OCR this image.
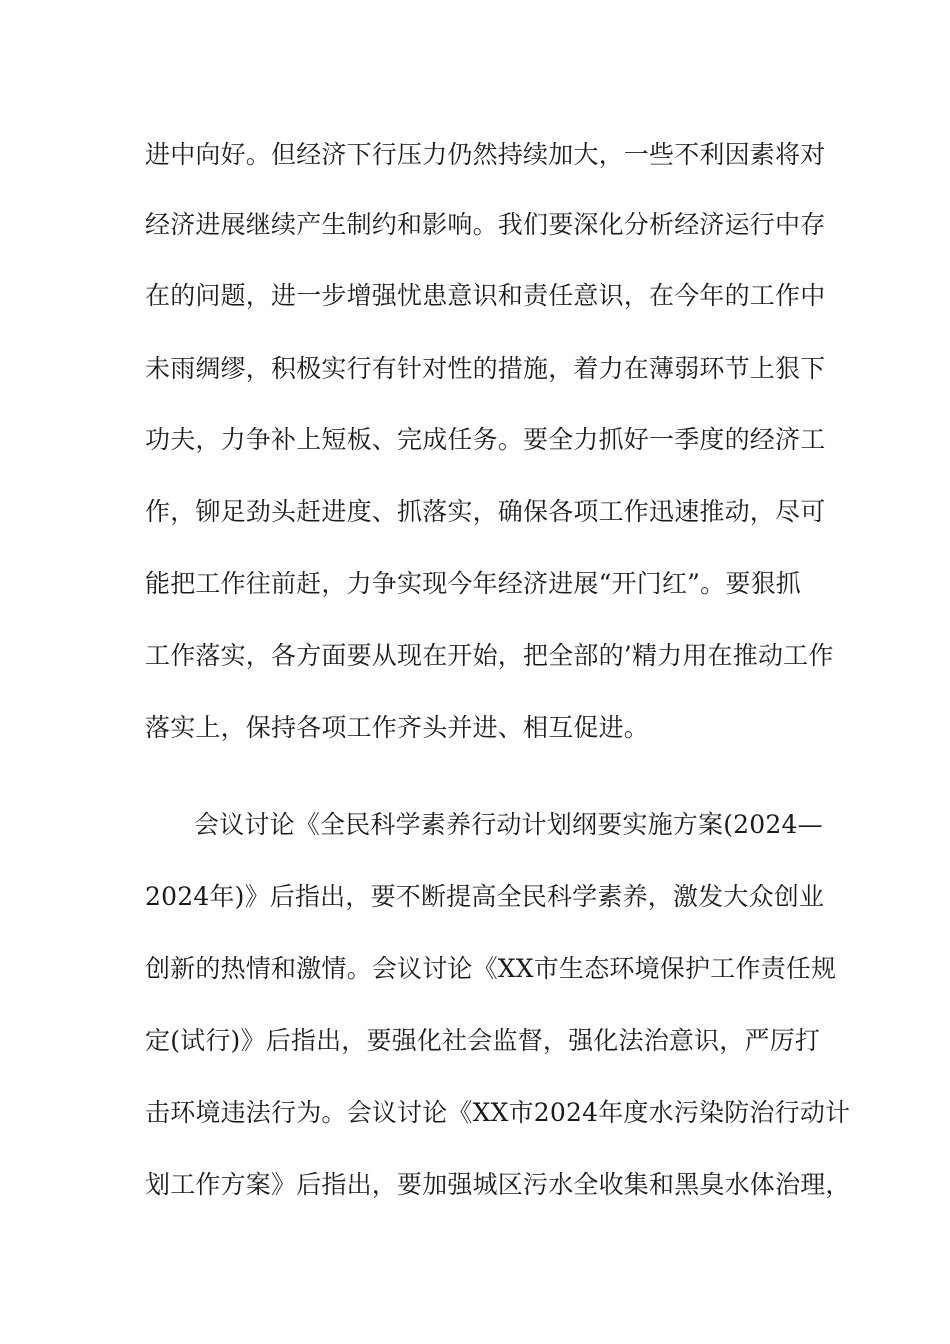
进中向好。但经济下行压力仍然持续加大，一些不利因素将对
经济进展继续产生制约和影响。我们要深化分析经济运行中存
在的问题，进一步增强忧患意识和责任意识，在今年的工作中
未雨绸缪，积极实行有针对性的措施，着力在薄弱环节上狠下
功夫，力争补上短板、完成任务。要全力抓好一季度的经济工
作，铆足劲头赶进度、抓落实，确保各项工作迅速推动，尽可
能把工作往前赶，力争实现今年经济进展“开门红”。要狠抓
工作落实，各方面要从现在开始，把全部的’精力用在推动工作
落实上，保持各项工作齐头并进、相互促进。
会议讨论《全民科学素养行动计划纲要实施方案(2024—
2024年)》后指出，要不断提高全民科学素养，激发大众创业
创新的热情和激情。会议讨论《XX市生态环境保护工作责任规
定(试行)》后指出，要强化社会监督，强化法治意识，严厉打
击环境违法行为。会议讨论《XX市2024年度水污染防治行动计
划工作方案》后指出，要加强城区污水全收集和黑臭水体治理，
